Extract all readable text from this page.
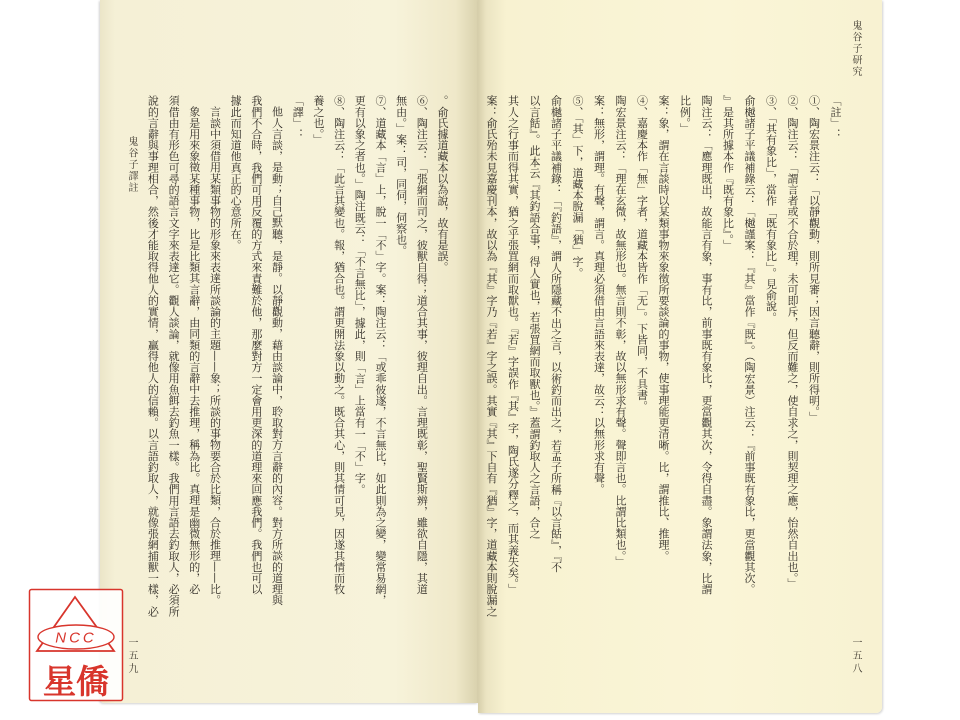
鬼谷子研究
一五八
鬼谷子譯註
一五九
「註」：
①、陶宏景注云：「以靜觀動，則所見審；因言聽辭，則所得明。」
②、陶注云：「謂言者或不合於理，未可即斥，但反而難之，使自求之，則契理之應，怡然自出也。」
③、「其有象比」，當作「既有象比」。見俞說。
俞樾諸子平議補錄云：「樾謹案：『其』當作『既』。（陶宏景）注云：『前事既有象比，更當觀其次。
』是其所據本作『既有象比』。」
陶注云：「應理既出，故能言有象，事有比，前事既有象比，更當觀其次，令得自盡。象謂法象，比謂
比例。」
案：象，謂在言談時以某類事物來象徵所要談論的事物，使事理能更清晰。比，謂推比、推理。
④、嘉慶本作「無」字者，道藏本皆作「无」。下皆同，不具書。
陶宏景注云：「理在玄微，故無形也。無言則不彰，故以無形求有聲。聲即言也。比謂比類也。」
案：無形，謂理。有聲，謂言。真理必須借由言語來表達，故云：以無形求有聲。
⑤、「其」下，道藏本脫漏「猶」字。
俞樾諸子平議補錄：「『釣語』，謂人所隱藏不出之言，以術釣而出之，若孟子所稱『以言餂』，『不
以言餂』。此本云『其釣語合事，得人實也，若張罝網而取獸也。』蓋謂釣取人之言語，合之
其人之行事而得其實，猶之乎張罝網而取獸也。『若』字誤作『其』字，陶氏遂分釋之，而其義失矣。」
案：俞氏殆未見嘉慶刊本，故以為『其』字乃『若』字之誤。其實『其』下自有『猶』字，道藏本則脫漏之
。俞氏據道藏本以為說，故有是誤。
⑥、陶注云：「張網而司之，彼獸自得；道合其事，彼理自出。言理既彰，聖賢斯辨，雖欲自隱，其道
無由。」案：司，同伺，伺察也。
⑦、道藏本「言」上，脫一「不」字。案：陶注云：「或乖彼遂，不言無比，如此則為之變，變常易網，
更有以象之者也。」陶注既云：「不言無比」，據此，則「言」上當有一「不」字。
⑧、陶注云：「此言其變也。報，猶合也。謂更開法象以動之。既合其心，則其情可見，因遂其情而牧
養之也。」
「譯」：
他人言談，是動；自己默聽，是靜。以靜觀動，藉由談論中，聆取對方言辭的內容。對方所談的道理與
我們不合時，我們可用反覆的方式來責難於他，那麼對方一定會用更深的道理來回應我們。我們也可以
據此而知道他真正的心意所在。
言談中須借用某類事物的形象來表達所談論的主題——象；所談的事物要合於比類，合於推理——比。
象是用來象徵某種事物，比是比類其言辭，由同類的言辭中去推理，稱為比。真理是幽微無形的，必
須借由有形色可尋的語言文字來表達它。觀人談論，就像用魚餌去釣魚一樣。我們用言語去釣取人，必須所
說的言辭與事理相合，然後才能取得他人的實情，贏得他人的信賴。以言語釣取人，就像張網捕獸一樣，必
NCC
星僑
